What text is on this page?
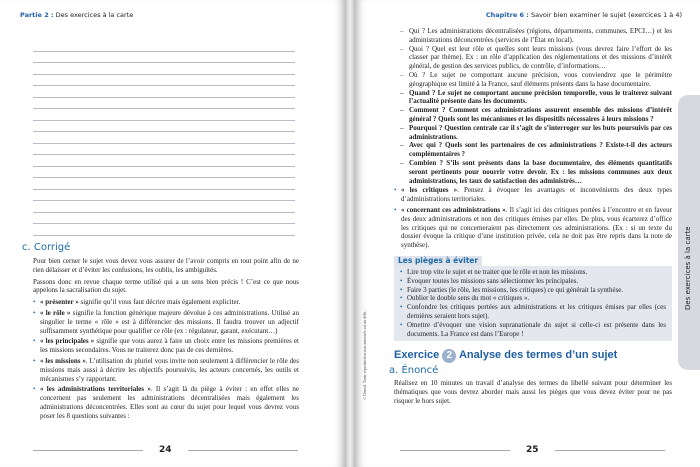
Partie 2 : Des exercices à la carte
c. Corrigé

Pour bien cerner le sujet vous devez vous assurer de l’avoir compris en tout point afin de ne rien délaisser et d’éviter les confusions, les oublis, les ambiguïtés.

Passons donc en revue chaque terme utilisé qui a un sens bien précis ! C’est ce que nous appelons la sacralisation du sujet.

• « présenter » signifie qu’il vous faut décrire mais également expliciter.
• « le rôle » signifie la fonction générique majeure dévolue à ces administrations. Utilisé au singulier le terme « rôle » est à différencier des missions. Il faudra trouver un adjectif suffisamment synthétique pour qualifier ce rôle (ex : régulateur, garant, exécutant…)
• « les principales » signifie que vous aurez à faire un choix entre les missions premières et les missions secondaires. Vous ne traiterez donc pas de ces dernières.
• « les missions ». L’utilisation du pluriel vous invite non seulement à différencier le rôle des missions mais aussi à décrire les objectifs poursuivis, les acteurs concernés, les outils et mécanismes s’y rapportant.
• « les administrations territoriales ». Il s’agit là du piège à éviter : en effet elles ne concernent pas seulement les administrations décentralisées mais également les administrations déconcentrées. Elles sont au cœur du sujet pour lequel vous devrez vous poser les 8 questions suivantes :
24
Chapitre 6 : Savoir bien examiner le sujet (exercices 1 à 4)
– Qui ? Les administrations décentralisées (régions, départements, communes, EPCI…) et les administrations déconcentrées (services de l’État en local).
– Quoi ? Quel est leur rôle et quelles sont leurs missions (vous devrez faire l’effort de les classer par thème). Ex : un rôle d’application des réglementations et des missions d’intérêt général, de gestion des services publics, de contrôle, d’informations…
– Où ? Le sujet ne comportant aucune précision, vous conviendrez que le périmètre géographique est limité à la France, sauf éléments présents dans la base documentaire.
– Quand ? Le sujet ne comportant aucune précision temporelle, vous le traiterez suivant l’actualité présente dans les documents.
– Comment ? Comment ces administrations assurent ensemble des missions d’intérêt général ? Quels sont les mécanismes et les dispositifs nécessaires à leurs missions ?
– Pourquoi ? Question centrale car il s’agit de s’interroger sur les buts poursuivis par ces administrations.
– Avec qui ? Quels sont les partenaires de ces administrations ? Existe-t-il des acteurs complémentaires ?
– Combien ? S’ils sont présents dans la base documentaire, des éléments quantitatifs seront pertinents pour nourrir votre devoir. Ex : les missions communes aux deux administrations, les taux de satisfaction des administrés…
• « les critiques ». Pensez à évoquer les avantages et inconvénients des deux types d’administrations territoriales.
• « concernant ces administrations ». Il s’agit ici des critiques portées à l’encontre et en faveur des deux administrations et non des critiques émises par elles. De plus, vous écarterez d’office les critiques qui ne concerneraient pas directement ces administrations. (Ex : si un texte du dossier évoque la critique d’une institution privée, cela ne doit pas être repris dans la note de synthèse).
Les pièges à éviter
• Lire trop vite le sujet et ne traiter que le rôle et non les missions.
• Évoquer toutes les missions sans sélectionner les principales.
• Faire 3 parties (le rôle, les missions, les critiques) ce qui générait la synthèse.
• Oublier le double sens du mot « critiques ».
• Confondre les critiques portées aux administrations et les critiques émises par elles (ces dernières seraient hors sujet).
• Omettre d’évoquer une vision supranationale du sujet si celle-ci est présente dans les documents. La France est dans l’Europe !
Exercice 2 Analyse des termes d’un sujet
a. Énoncé

Réalisez en 10 minutes un travail d’analyse des termes du libellé suivant pour déterminer les thématiques que vous devrez aborder mais aussi les pièges que vous devez éviter pour ne pas risquer le hors sujet.

© Dunod. Toute reproduction non autorisée est un délit.
Des exercices à la carte
25
